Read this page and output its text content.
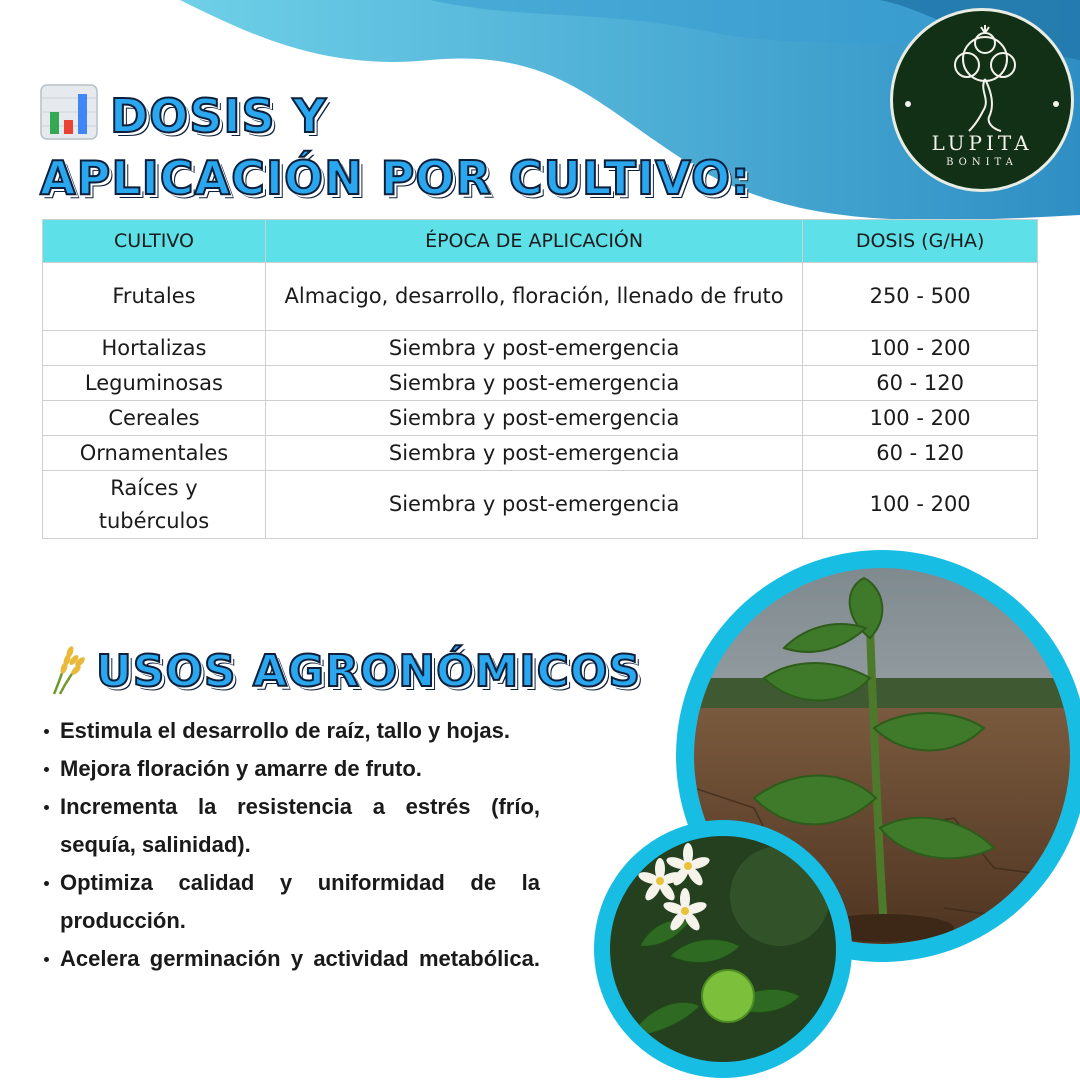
LUPITA
BONITA
DOSIS Y
APLICACIÓN POR CULTIVO:
CULTIVO	ÉPOCA DE APLICACIÓN	DOSIS (G/HA)
Frutales	Almacigo, desarrollo, floración, llenado de fruto	250 - 500
Hortalizas	Siembra y post-emergencia	100 - 200
Leguminosas	Siembra y post-emergencia	60 - 120
Cereales	Siembra y post-emergencia	100 - 200
Ornamentales	Siembra y post-emergencia	60 - 120
Raíces y tubérculos	Siembra y post-emergencia	100 - 200
USOS AGRONÓMICOS
Estimula el desarrollo de raíz, tallo y hojas.
Mejora floración y amarre de fruto.
Incrementa la resistencia a estrés (frío, sequía, salinidad).
Optimiza calidad y uniformidad de la producción.
Acelera germinación y actividad metabólica.
